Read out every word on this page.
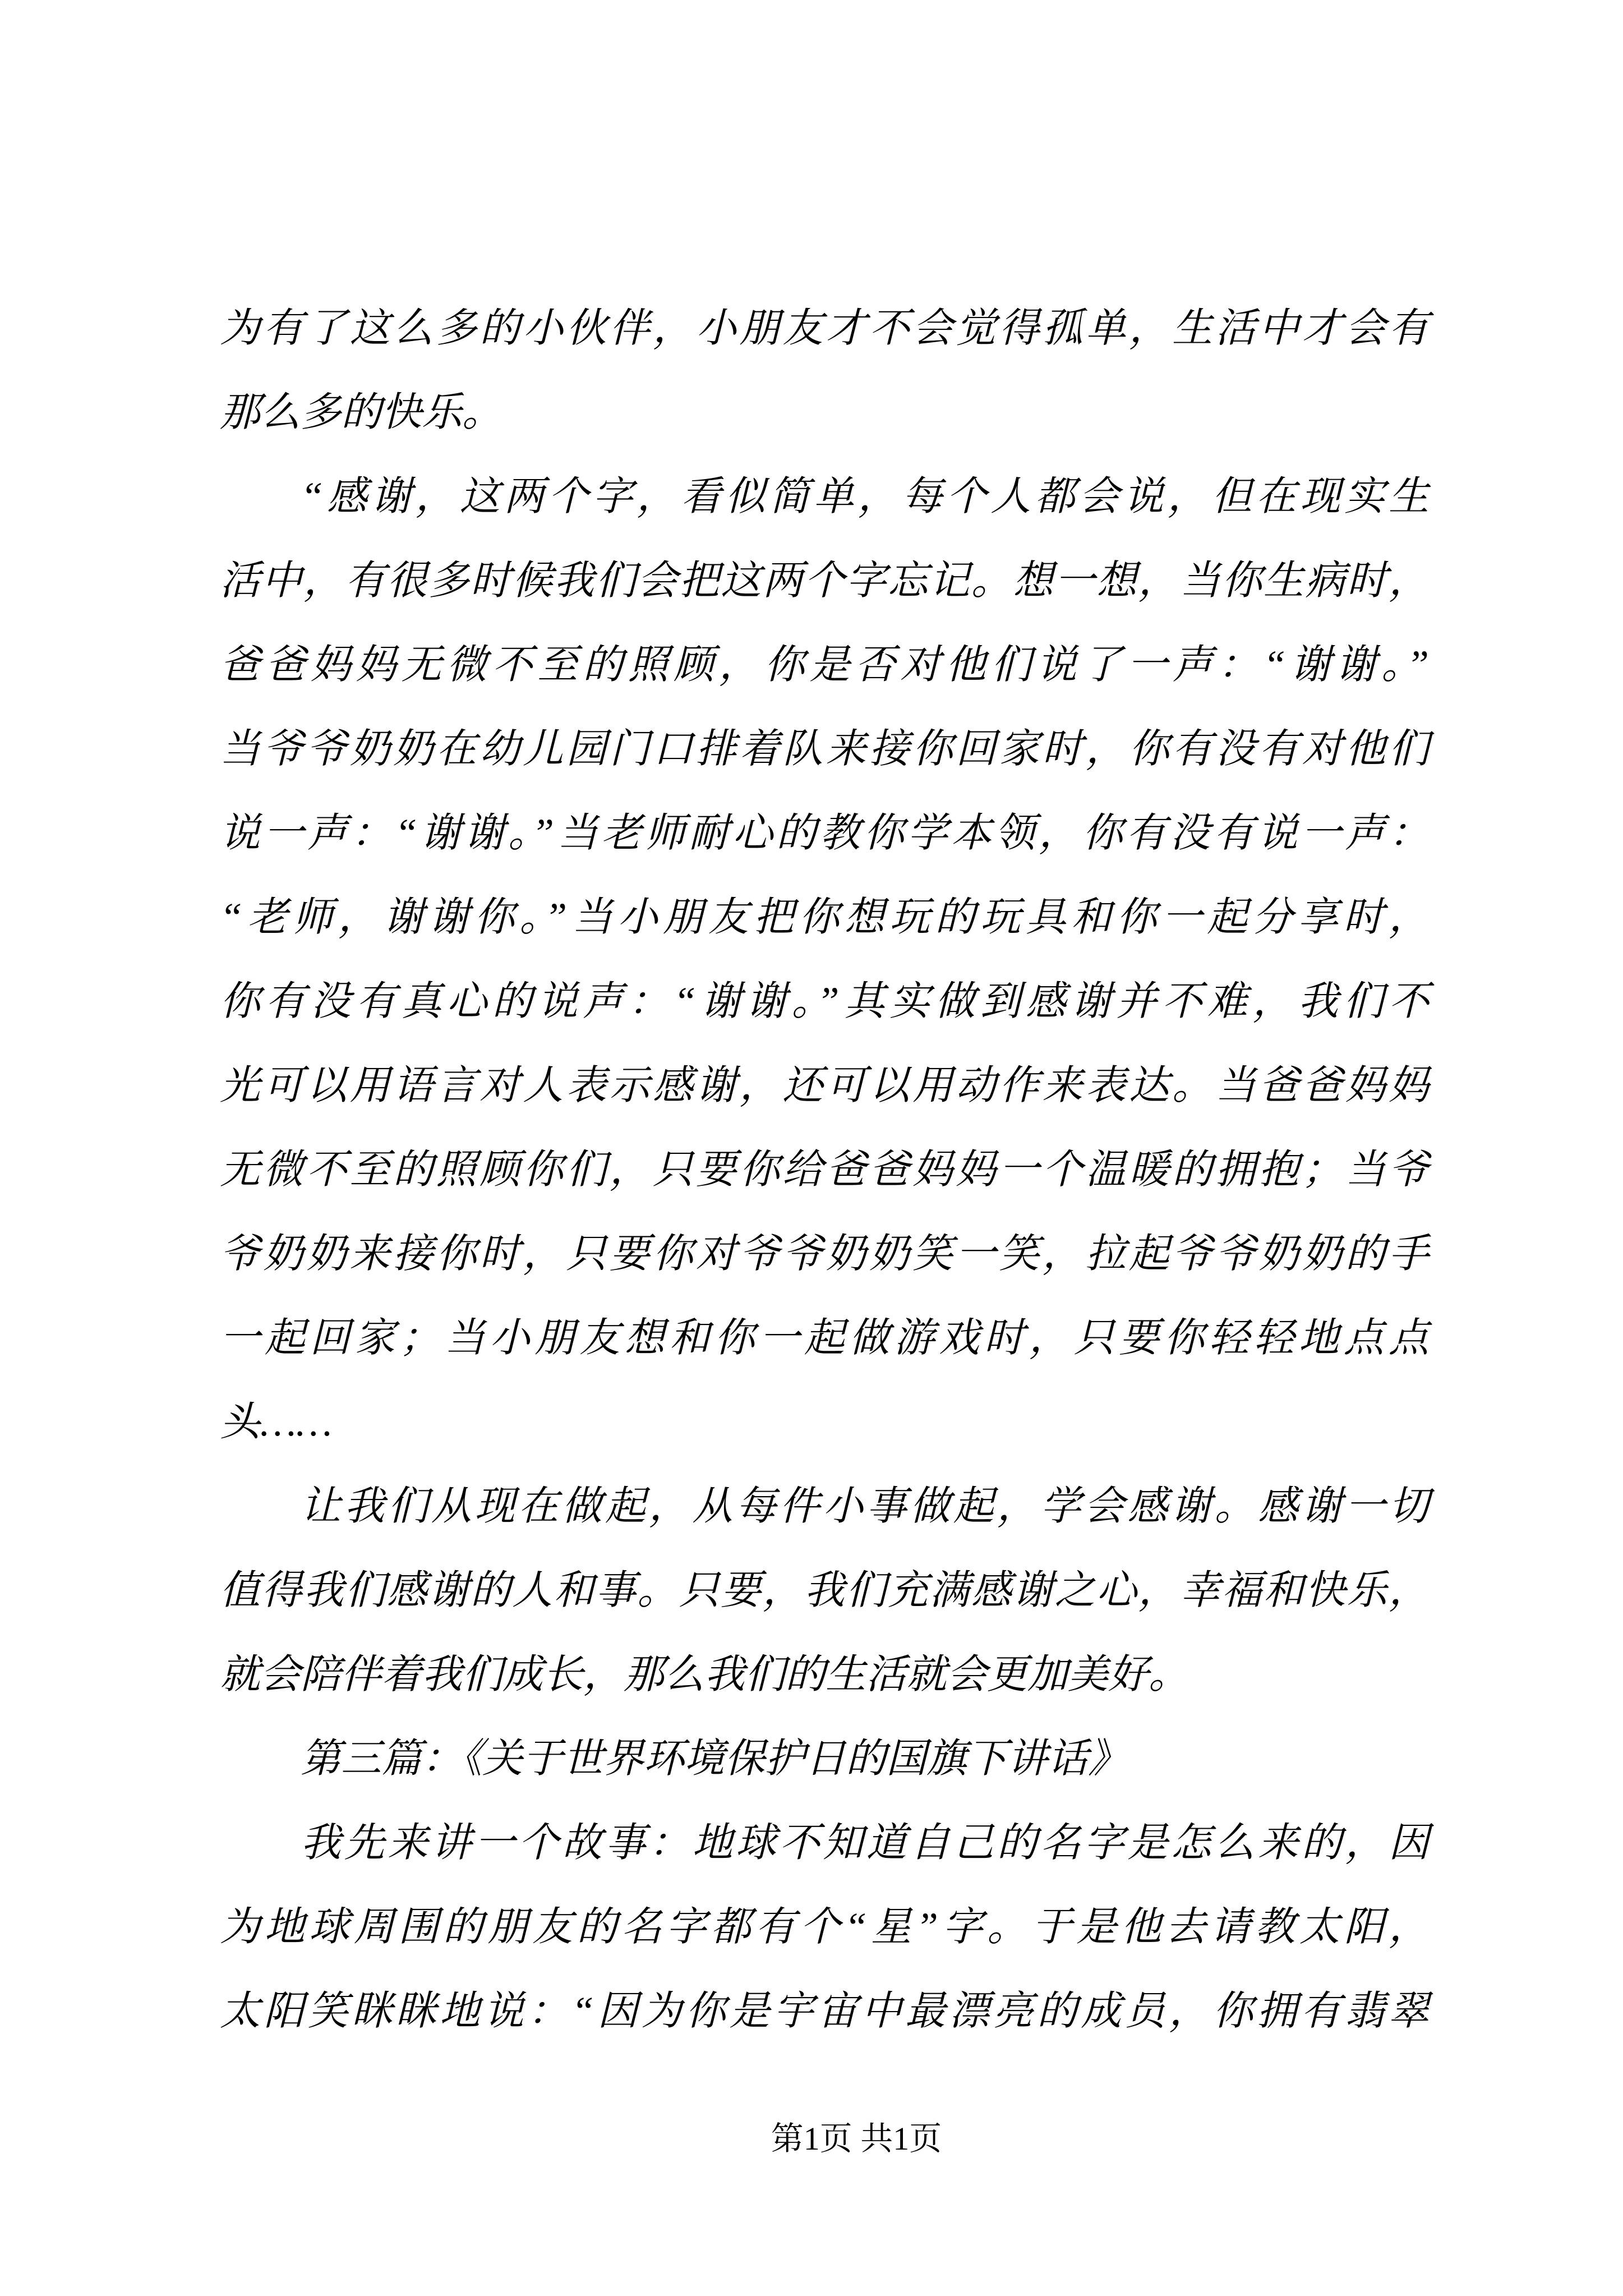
为有了这么多的小伙伴，小朋友才不会觉得孤单，生活中才会有
那么多的快乐。
“感谢，这两个字，看似简单，每个人都会说，但在现实生
活中，有很多时候我们会把这两个字忘记。想一想，当你生病时，
爸爸妈妈无微不至的照顾，你是否对他们说了一声：“谢谢。”
当爷爷奶奶在幼儿园门口排着队来接你回家时，你有没有对他们
说一声：“谢谢。”当老师耐心的教你学本领，你有没有说一声：
“老师，谢谢你。”当小朋友把你想玩的玩具和你一起分享时，
你有没有真心的说声：“谢谢。”其实做到感谢并不难，我们不
光可以用语言对人表示感谢，还可以用动作来表达。当爸爸妈妈
无微不至的照顾你们，只要你给爸爸妈妈一个温暖的拥抱；当爷
爷奶奶来接你时，只要你对爷爷奶奶笑一笑，拉起爷爷奶奶的手
一起回家；当小朋友想和你一起做游戏时，只要你轻轻地点点
头……
让我们从现在做起，从每件小事做起，学会感谢。感谢一切
值得我们感谢的人和事。只要，我们充满感谢之心，幸福和快乐，
就会陪伴着我们成长，那么我们的生活就会更加美好。
第三篇：《关于世界环境保护日的国旗下讲话》
我先来讲一个故事：地球不知道自己的名字是怎么来的，因
为地球周围的朋友的名字都有个“星”字。于是他去请教太阳，
太阳笑眯眯地说：“因为你是宇宙中最漂亮的成员，你拥有翡翠
第1页 共1页
